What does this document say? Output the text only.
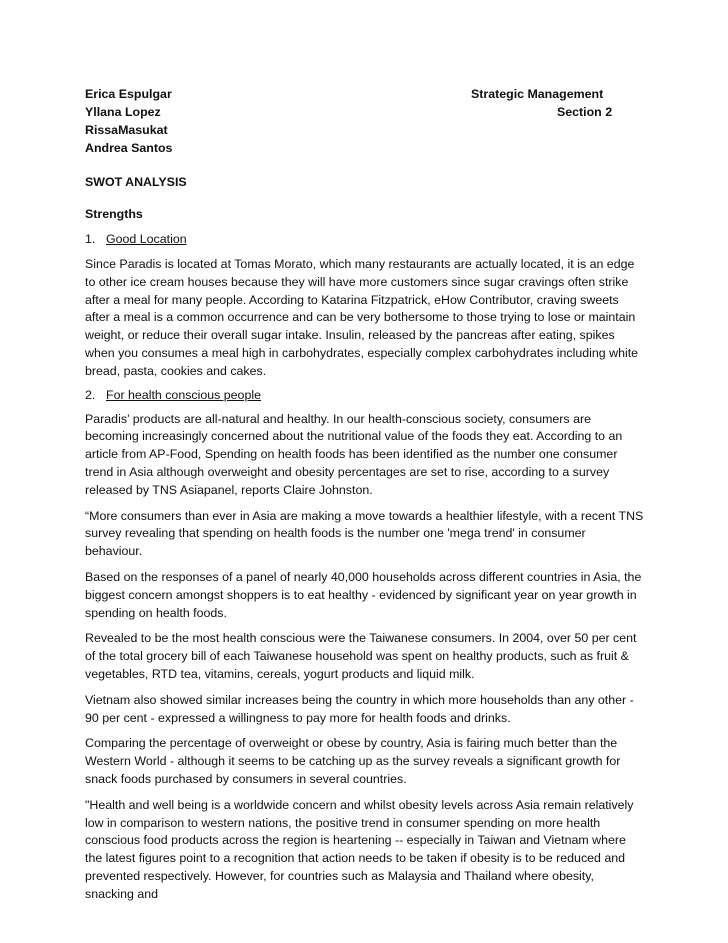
Erica Espulgar	Strategic Management
Yllana Lopez	Section 2
RissaMasukat
Andrea Santos
SWOT ANALYSIS
Strengths
1. Good Location

Since Paradis is located at Tomas Morato, which many restaurants are actually located, it is an edge to other ice cream houses because they will have more customers since sugar cravings often strike after a meal for many people. According to Katarina Fitzpatrick, eHow Contributor, craving sweets after a meal is a common occurrence and can be very bothersome to those trying to lose or maintain weight, or reduce their overall sugar intake. Insulin, released by the pancreas after eating, spikes when you consumes a meal high in carbohydrates, especially complex carbohydrates including white bread, pasta, cookies and cakes.

2. For health conscious people

Paradis’ products are all-natural and healthy. In our health-conscious society, consumers are becoming increasingly concerned about the nutritional value of the foods they eat. According to an article from AP-Food, Spending on health foods has been identified as the number one consumer trend in Asia although overweight and obesity percentages are set to rise, according to a survey released by TNS Asiapanel, reports Claire Johnston.

“More consumers than ever in Asia are making a move towards a healthier lifestyle, with a recent TNS survey revealing that spending on health foods is the number one 'mega trend' in consumer behaviour.

Based on the responses of a panel of nearly 40,000 households across different countries in Asia, the biggest concern amongst shoppers is to eat healthy - evidenced by significant year on year growth in spending on health foods.

Revealed to be the most health conscious were the Taiwanese consumers. In 2004, over 50 per cent of the total grocery bill of each Taiwanese household was spent on healthy products, such as fruit & vegetables, RTD tea, vitamins, cereals, yogurt products and liquid milk.

Vietnam also showed similar increases being the country in which more households than any other - 90 per cent - expressed a willingness to pay more for health foods and drinks.

Comparing the percentage of overweight or obese by country, Asia is fairing much better than the Western World - although it seems to be catching up as the survey reveals a significant growth for snack foods purchased by consumers in several countries.

"Health and well being is a worldwide concern and whilst obesity levels across Asia remain relatively low in comparison to western nations, the positive trend in consumer spending on more health conscious food products across the region is heartening -- especially in Taiwan and Vietnam where the latest figures point to a recognition that action needs to be taken if obesity is to be reduced and prevented respectively. However, for countries such as Malaysia and Thailand where obesity, snacking and
